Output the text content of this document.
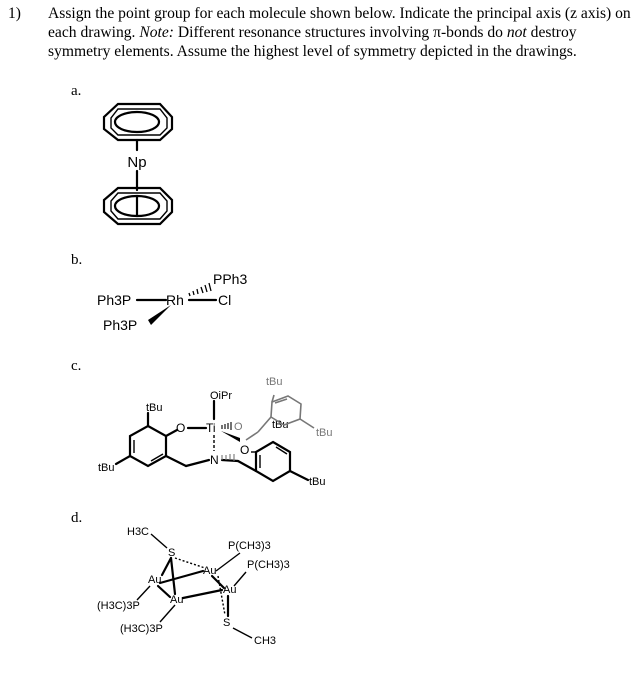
1) Assign the point group for each molecule shown below. Indicate the principal axis (z axis) on each drawing. Note: Different resonance structures involving π-bonds do not destroy symmetry elements. Assume the highest level of symmetry depicted in the drawings.
a.
b.
c.
d.
Np
PPh3
Ph3P Rh Cl
Ph3P
tBu
OiPr
tBu
O Ti O	tBu
tBu
tBu
O
N
tBu
H3C
S
P(CH3)3
P(CH3)3
Au
Au
Au
Au
(H3C)3P
(H3C)3P	S
CH3
